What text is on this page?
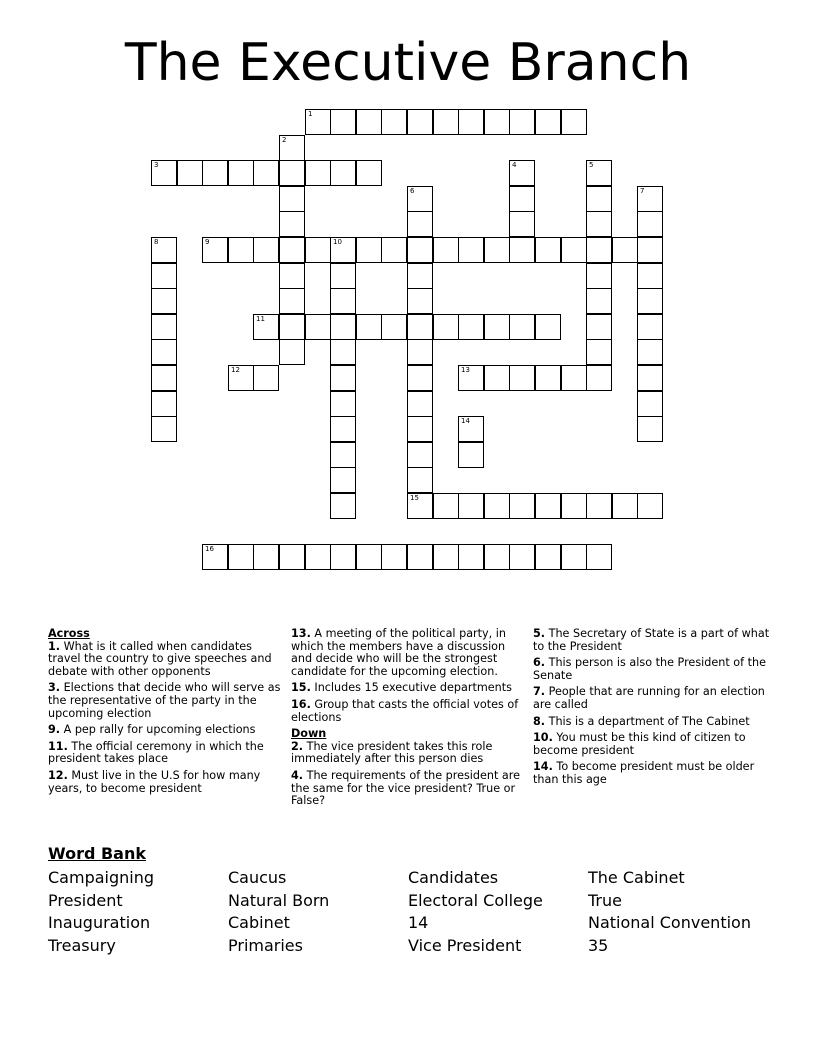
The Executive Branch
1
2
3	4	5
6	7
8	9	10
11
12	13
14
15
16
Across
1. What is it called when candidates travel the country to give speeches and debate with other opponents
3. Elections that decide who will serve as the representative of the party in the upcoming election
9. A pep rally for upcoming elections
11. The official ceremony in which the president takes place
12. Must live in the U.S for how many years, to become president
13. A meeting of the political party, in which the members have a discussion and decide who will be the strongest candidate for the upcoming election.
15. Includes 15 executive departments
16. Group that casts the official votes of elections
Down
2. The vice president takes this role immediately after this person dies
4. The requirements of the president are the same for the vice president? True or False?
5. The Secretary of State is a part of what to the President
6. This person is also the President of the Senate
7. People that are running for an election are called
8. This is a department of The Cabinet
10. You must be this kind of citizen to become president
14. To become president must be older than this age
Word Bank
Campaigning
President
Inauguration
Treasury
Caucus
Natural Born
Cabinet
Primaries
Candidates
Electoral College
14
Vice President
The Cabinet
True
National Convention
35
